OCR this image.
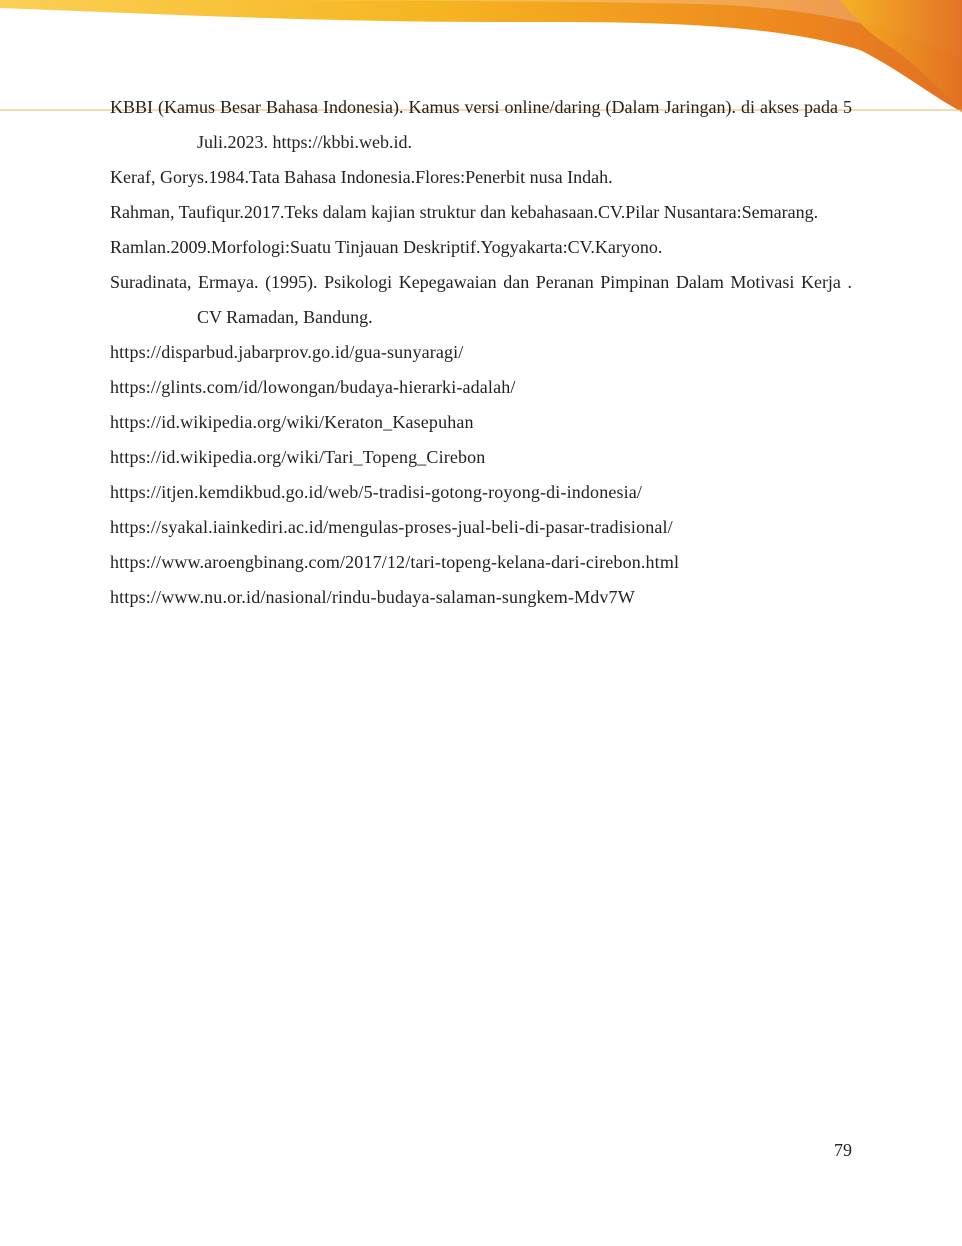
KBBI (Kamus Besar Bahasa Indonesia). Kamus versi online/daring (Dalam Jaringan). di akses pada 5 Juli.2023. https://kbbi.web.id.
Keraf, Gorys.1984.Tata Bahasa Indonesia.Flores:Penerbit nusa Indah.
Rahman, Taufiqur.2017.Teks dalam kajian struktur dan kebahasaan.CV.Pilar Nusantara:Semarang.
Ramlan.2009.Morfologi:Suatu Tinjauan Deskriptif.Yogyakarta:CV.Karyono.
Suradinata, Ermaya. (1995). Psikologi Kepegawaian dan Peranan Pimpinan Dalam Motivasi Kerja . CV Ramadan, Bandung.
https://disparbud.jabarprov.go.id/gua-sunyaragi/
https://glints.com/id/lowongan/budaya-hierarki-adalah/
https://id.wikipedia.org/wiki/Keraton_Kasepuhan
https://id.wikipedia.org/wiki/Tari_Topeng_Cirebon
https://itjen.kemdikbud.go.id/web/5-tradisi-gotong-royong-di-indonesia/
https://syakal.iainkediri.ac.id/mengulas-proses-jual-beli-di-pasar-tradisional/
https://www.aroengbinang.com/2017/12/tari-topeng-kelana-dari-cirebon.html
https://www.nu.or.id/nasional/rindu-budaya-salaman-sungkem-Mdv7W
79
